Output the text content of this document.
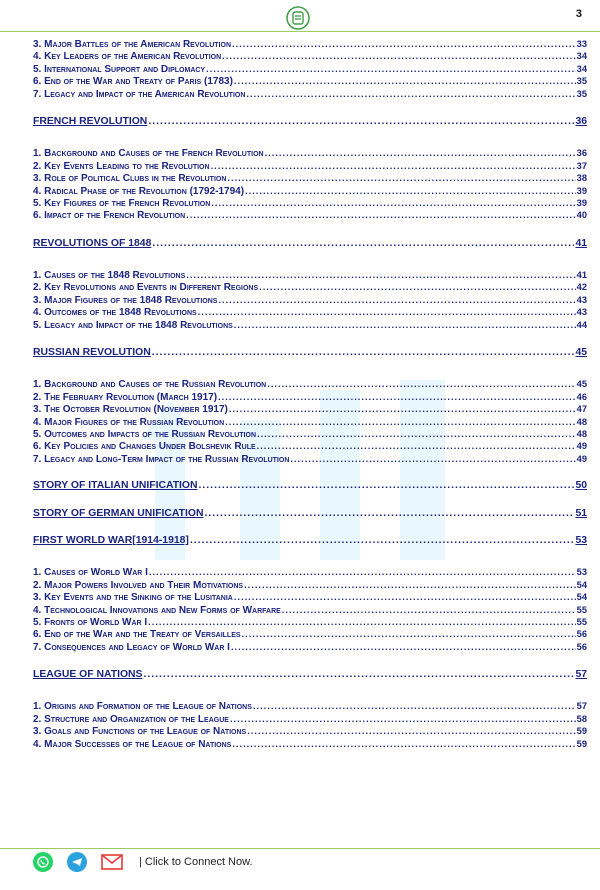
3
3. Major Battles of the American Revolution .....	33
4. Key Leaders of the American Revolution .....	34
5. International Support and Diplomacy .....	34
6. End of the War and Treaty of Paris (1783) .....	35
7. Legacy and Impact of the American Revolution .....	35
FRENCH REVOLUTION .....	36
1. Background and Causes of the French Revolution .....	36
2. Key Events Leading to the Revolution .....	37
3. Role of Political Clubs in the Revolution .....	38
4. Radical Phase of the Revolution (1792-1794) .....	39
5. Key Figures of the French Revolution .....	39
6. Impact of the French Revolution .....	40
REVOLUTIONS OF 1848 .....	41
1. Causes of the 1848 Revolutions .....	41
2. Key Revolutions and Events in Different Regions .....	42
3. Major Figures of the 1848 Revolutions .....	43
4. Outcomes of the 1848 Revolutions .....	43
5. Legacy and Impact of the 1848 Revolutions .....	44
RUSSIAN REVOLUTION .....	45
1. Background and Causes of the Russian Revolution .....	45
2. The February Revolution (March 1917) .....	46
3. The October Revolution (November 1917) .....	47
4. Major Figures of the Russian Revolution .....	48
5. Outcomes and Impacts of the Russian Revolution .....	48
6. Key Policies and Changes Under Bolshevik Rule .....	49
7. Legacy and Long-Term Impact of the Russian Revolution .....	49
STORY OF ITALIAN UNIFICATION .....	50
STORY OF GERMAN UNIFICATION .....	51
FIRST WORLD WAR[1914-1918] .....	53
1. Causes of World War I .....	53
2. Major Powers Involved and Their Motivations .....	54
3. Key Events and the Sinking of the Lusitania .....	54
4. Technological Innovations and New Forms of Warfare .....	55
5. Fronts of World War I .....	55
6. End of the War and the Treaty of Versailles .....	56
7. Consequences and Legacy of World War I .....	56
LEAGUE OF NATIONS .....	57
1. Origins and Formation of the League of Nations .....	57
2. Structure and Organization of the League .....	58
3. Goals and Functions of the League of Nations .....	59
4. Major Successes of the League of Nations .....	59
| Click to Connect Now.
